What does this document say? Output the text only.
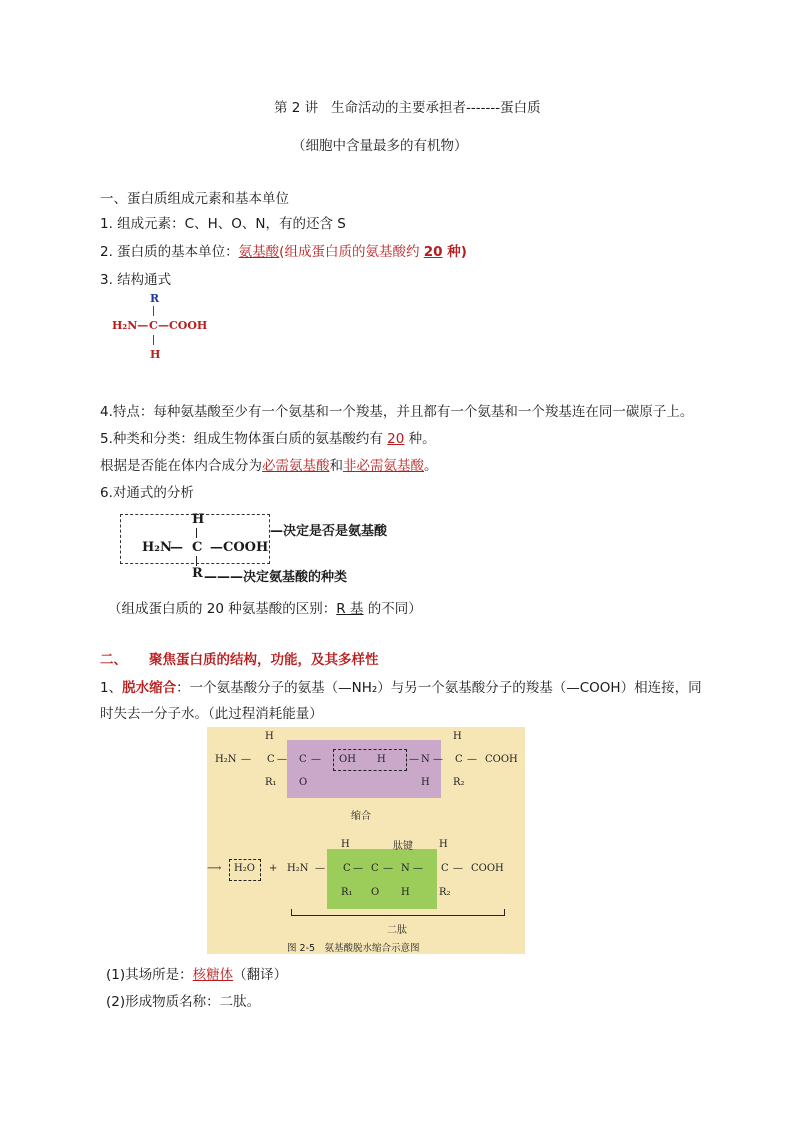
第 2 讲 生命活动的主要承担者-------蛋白质
（细胞中含量最多的有机物）
一、蛋白质组成元素和基本单位
1. 组成元素：C、H、O、N，有的还含 S
2. 蛋白质的基本单位：氨基酸(组成蛋白质的氨基酸约 20 种)
3. 结构通式
R
H₂N— C —COOH
H
4.特点：每种氨基酸至少有一个氨基和一个羧基，并且都有一个氨基和一个羧基连在同一碳原子上。
5.种类和分类：组成生物体蛋白质的氨基酸约有 20 种。
根据是否能在体内合成分为必需氨基酸和非必需氨基酸。
6.对通式的分析
H
H₂N
— C —COOH
R
—决定是否是氨基酸
———决定氨基酸的种类
（组成蛋白质的 20 种氨基酸的区别：R 基 的不同）
二、 聚焦蛋白质的结构，功能，及其多样性
1、脱水缩合：一个氨基酸分子的氨基（—NH₂）与另一个氨基酸分子的羧基（—COOH）相连接，同
时失去一分子水。（此过程消耗能量）
H₂N —
H
C
R₁
— C
O
— OH H — N
H
—
H
C
R₂
— COOH
缩合
⟶ H₂O + H₂N —
H
C
R₁
— C
O
— N
H
肽键
—
H
C
R₂
— COOH
二肽
图 2-5　氨基酸脱水缩合示意图
(1)其场所是：核糖体（翻译）
(2)形成物质名称：二肽。
